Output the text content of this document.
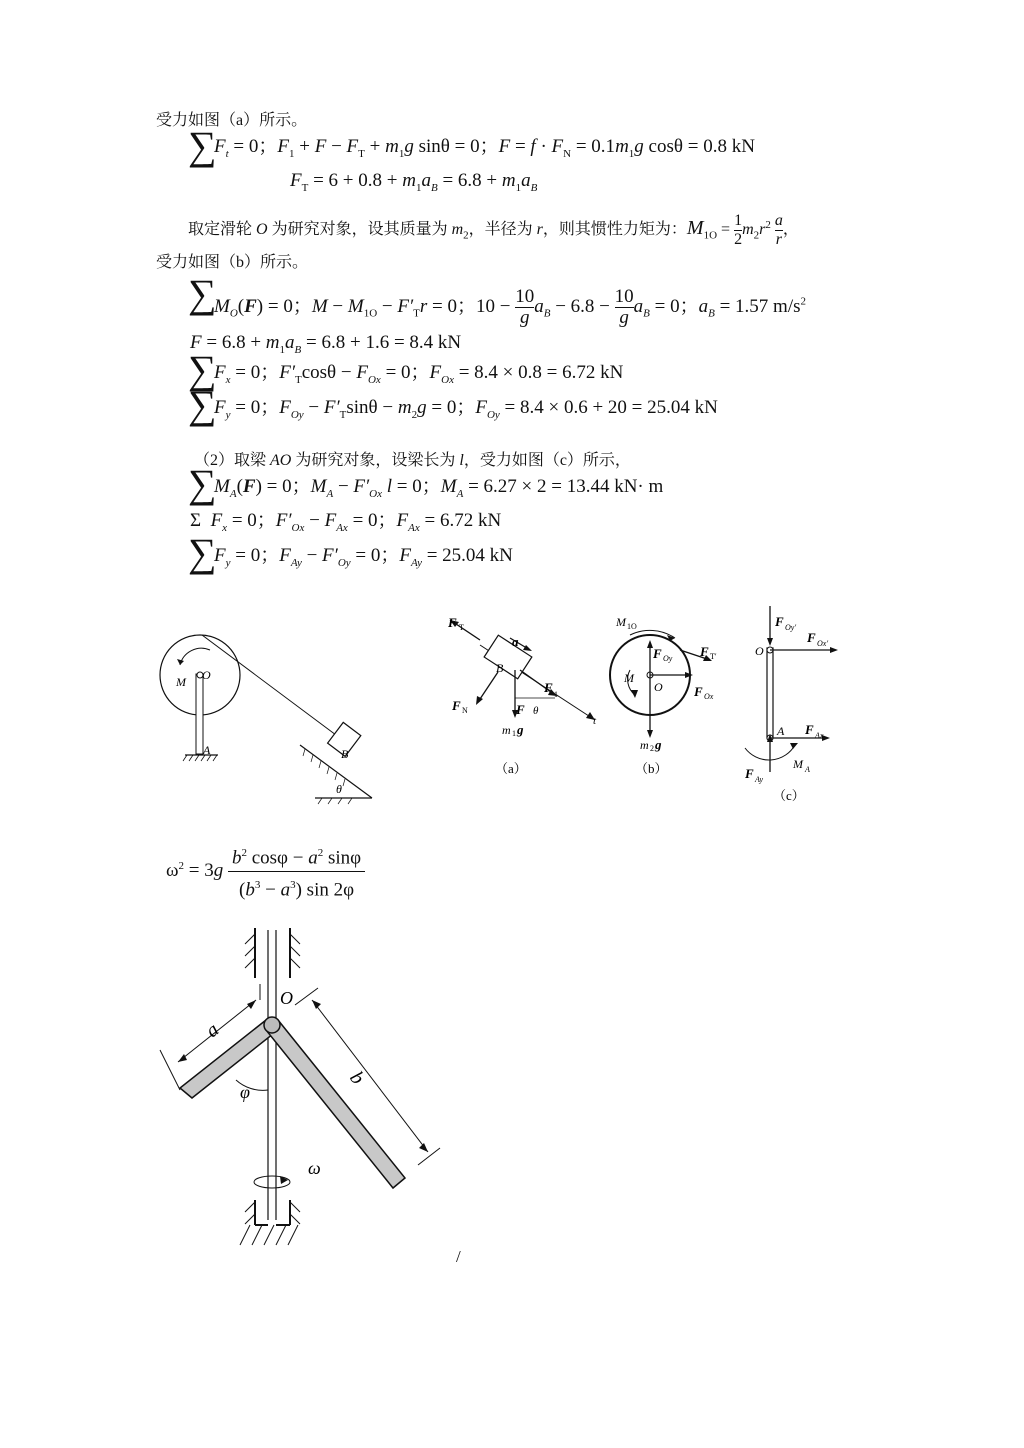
受力如图（a）所示。
∑
$F_t = 0$；$F_1 + F - F_T + m_1g$ sinθ = 0；$F = f \cdot F_N = 0.1m_1g$ cosθ = 0.8 kN
$F_T = 6 + 0.8 + m_1a_B = 6.8 + m_1a_B$
取定滑轮 O 为研究对象，设其质量为 $m_2$，半径为 r，则其惯性力矩为：$M_{1O} = \frac{1}{2} m_2r^2 \frac{a}{r}$ ，
受力如图（b）所示。
∑
$M_O(F) = 0$；$M - M_{1O} - F'_Tr = 0$；$10 - \frac{10}{g} a_B - 6.8 - \frac{10}{g} a_B = 0$；$a_B = 1.57$ $m/s^2$
$F = 6.8 + m_1a_B = 6.8 + 1.6 = 8.4$ kN
∑
$F_x = 0$；$F'_T\cos\theta - F_{Ox} = 0$；$F_{Ox} = 8.4 \times 0.8 = 6.72$ kN
∑
$F_y = 0$；$F_{Oy} - F'_T\sin\theta - m_2g = 0$；$F_{Oy} = 8.4 \times 0.6 + 20 = 25.04$ kN
（2）取梁 AO 为研究对象，设梁长为 l，受力如图（c）所示，
∑
$M_A(F) = 0$；$M_A - F'_{Ox}$ l = 0；$M_A = 6.27 \times 2 = 13.44$ kN· m
Σ  $F_x = 0$；$F'_{Ox} - F_{Ax} = 0$；$F_{Ax} = 6.72$ kN
∑
$F_y = 0$；$F_{Ay} - F'_{Oy} = 0$；$F_{Ay} = 25.04$ kN
M O
A	B
θ
F T
a
B
F 1
F N	F θ
t
m 1 g
（a）
M 1O
F Oy F T′
M
O F Ox
m 2 g
（b）
F Oy′
F Ox′
O
A F Ax
M A
F Ay
（c）
$\omega^2 = 3g \frac{b^2 \cos\varphi - a^2 \sin\varphi}{(b^3 - a^3) \sin 2\varphi}$
O
a
b
φ
ω
/
